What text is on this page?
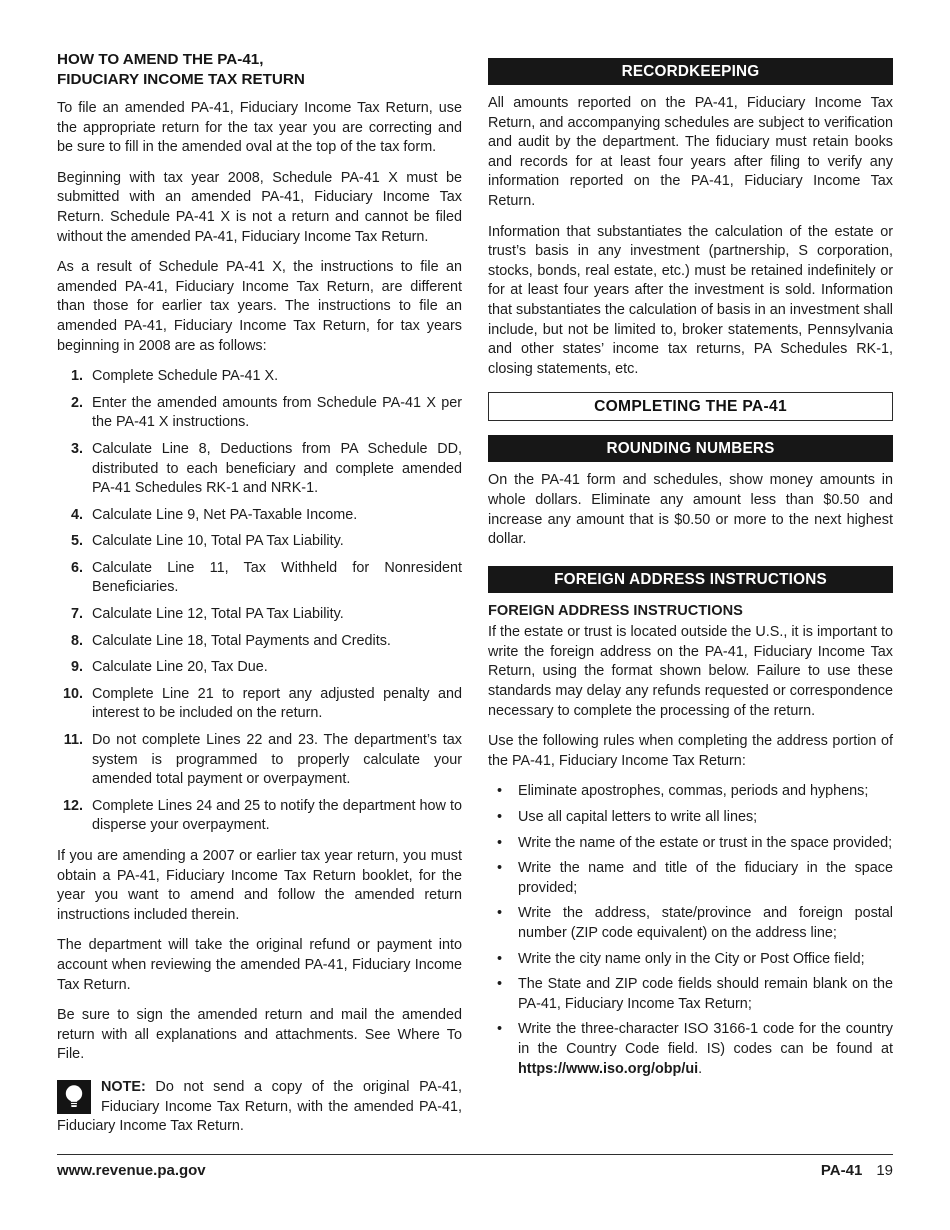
HOW TO AMEND THE PA-41,
FIDUCIARY INCOME TAX RETURN

To file an amended PA-41, Fiduciary Income Tax Return, use the appropriate return for the tax year you are correcting and be sure to fill in the amended oval at the top of the tax form.

Beginning with tax year 2008, Schedule PA-41 X must be submitted with an amended PA-41, Fiduciary Income Tax Return. Schedule PA-41 X is not a return and cannot be filed without the amended PA-41, Fiduciary Income Tax Return.

As a result of Schedule PA-41 X, the instructions to file an amended PA-41, Fiduciary Income Tax Return, are different than those for earlier tax years. The instructions to file an amended PA-41, Fiduciary Income Tax Return, for tax years beginning in 2008 are as follows:

1. Complete Schedule PA-41 X.
2. Enter the amended amounts from Schedule PA-41 X per the PA-41 X instructions.
3. Calculate Line 8, Deductions from PA Schedule DD, distributed to each beneficiary and complete amended PA-41 Schedules RK-1 and NRK-1.
4. Calculate Line 9, Net PA-Taxable Income.
5. Calculate Line 10, Total PA Tax Liability.
6. Calculate Line 11, Tax Withheld for Nonresident Beneficiaries.
7. Calculate Line 12, Total PA Tax Liability.
8. Calculate Line 18, Total Payments and Credits.
9. Calculate Line 20, Tax Due.
10. Complete Line 21 to report any adjusted penalty and interest to be included on the return.
11. Do not complete Lines 22 and 23. The department’s tax system is programmed to properly calculate your amended total payment or overpayment.
12. Complete Lines 24 and 25 to notify the department how to disperse your overpayment.

If you are amending a 2007 or earlier tax year return, you must obtain a PA-41, Fiduciary Income Tax Return booklet, for the year you want to amend and follow the amended return instructions included therein.

The department will take the original refund or payment into account when reviewing the amended PA-41, Fiduciary Income Tax Return.

Be sure to sign the amended return and mail the amended return with all explanations and attachments. See Where To File.

NOTE: Do not send a copy of the original PA-41, Fiduciary Income Tax Return, with the amended PA-41, Fiduciary Income Tax Return.
RECORDKEEPING

All amounts reported on the PA-41, Fiduciary Income Tax Return, and accompanying schedules are subject to verification and audit by the department. The fiduciary must retain books and records for at least four years after filing to verify any information reported on the PA-41, Fiduciary Income Tax Return.

Information that substantiates the calculation of the estate or trust’s basis in any investment (partnership, S corporation, stocks, bonds, real estate, etc.) must be retained indefinitely or for at least four years after the investment is sold. Information that substantiates the calculation of basis in an investment shall include, but not be limited to, broker statements, Pennsylvania and other states’ income tax returns, PA Schedules RK-1, closing statements, etc.

COMPLETING THE PA-41
ROUNDING NUMBERS

On the PA-41 form and schedules, show money amounts in whole dollars. Eliminate any amount less than $0.50 and increase any amount that is $0.50 or more to the next highest dollar.

FOREIGN ADDRESS INSTRUCTIONS
FOREIGN ADDRESS INSTRUCTIONS

If the estate or trust is located outside the U.S., it is important to write the foreign address on the PA-41, Fiduciary Income Tax Return, using the format shown below. Failure to use these standards may delay any refunds requested or correspondence necessary to complete the processing of the return.

Use the following rules when completing the address portion of the PA-41, Fiduciary Income Tax Return:

•	Eliminate apostrophes, commas, periods and hyphens;
•	Use all capital letters to write all lines;
•	Write the name of the estate or trust in the space provided;
•	Write the name and title of the fiduciary in the space provided;
•	Write the address, state/province and foreign postal number (ZIP code equivalent) on the address line;
•	Write the city name only in the City or Post Office field;
•	The State and ZIP code fields should remain blank on the PA-41, Fiduciary Income Tax Return;
•	Write the three-character ISO 3166-1 code for the country in the Country Code field. IS) codes can be found at https://www.iso.org/obp/ui.
www.revenue.pa.gov	PA-41 19
